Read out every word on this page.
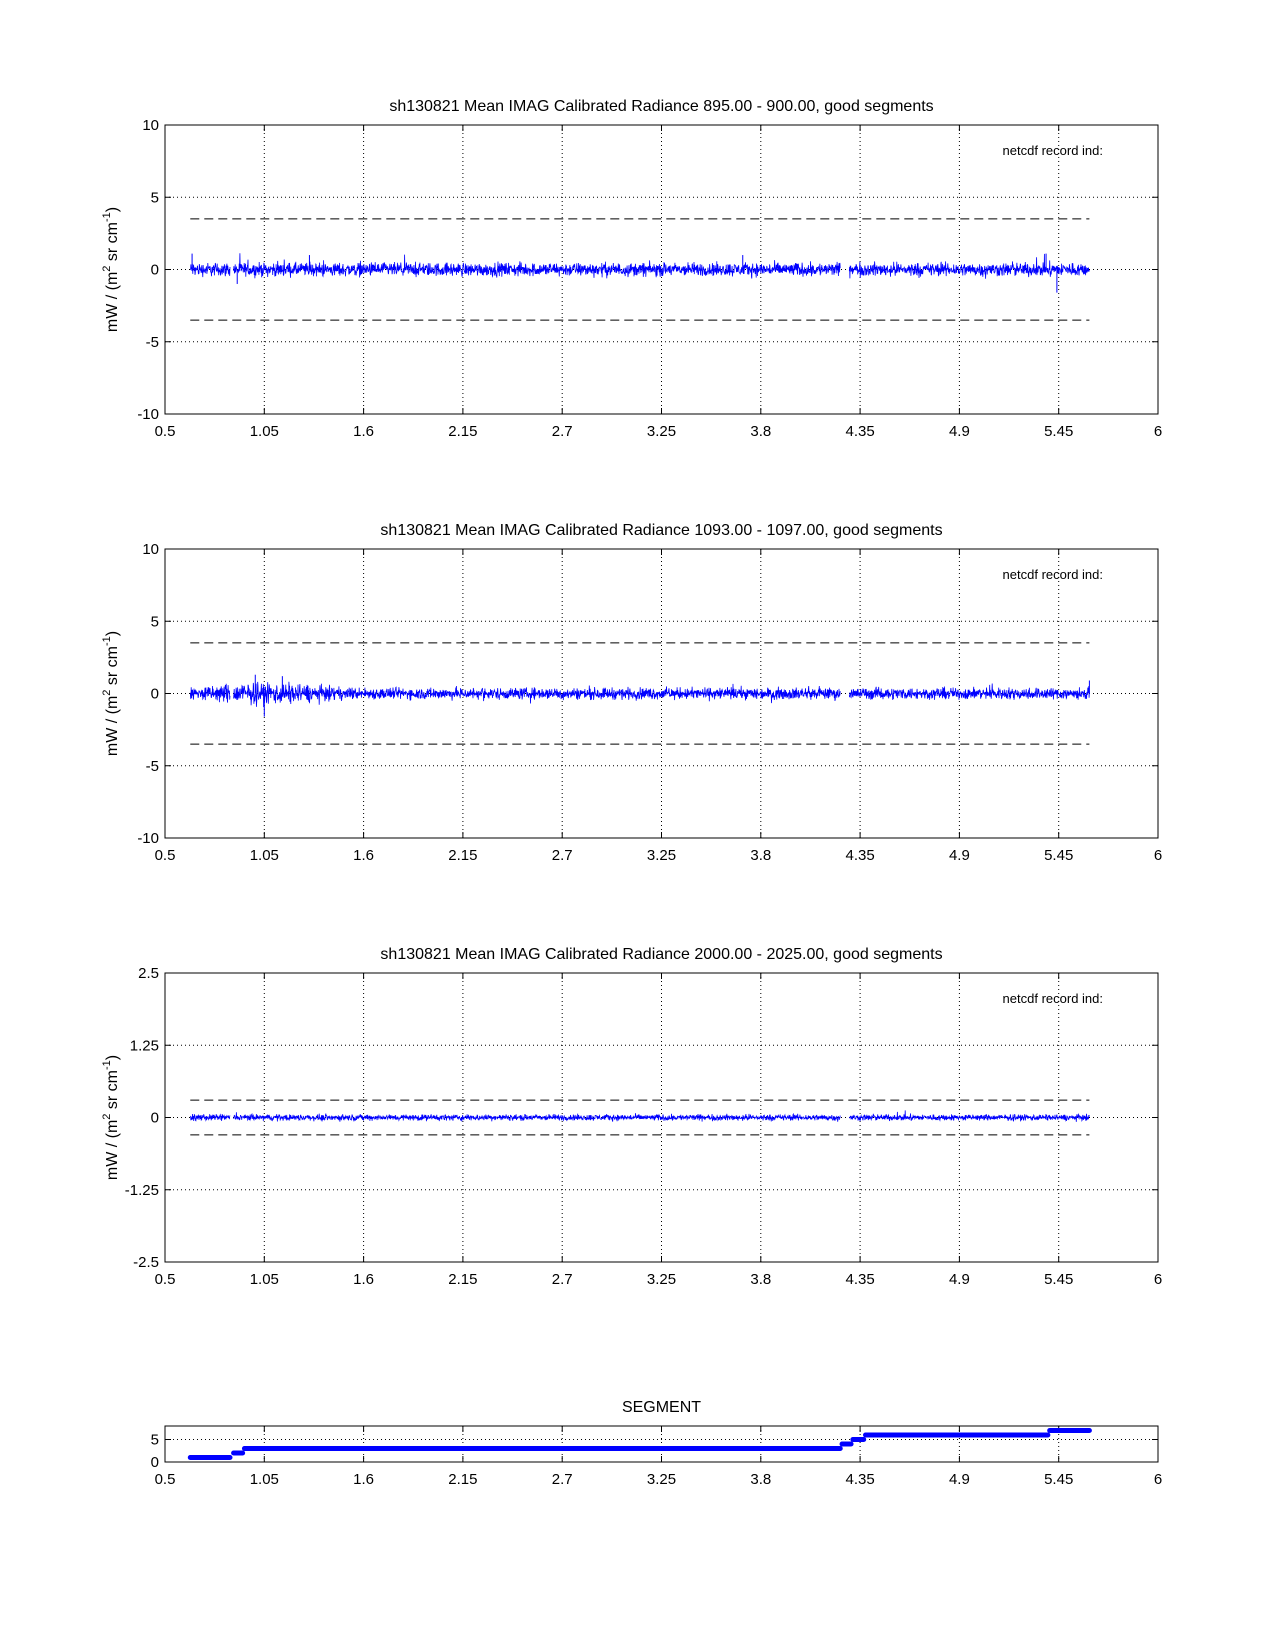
sh130821 Mean IMAG Calibrated Radiance 895.00 - 900.00, good segments
0.5	1.05	1.6	2.15	2.7	3.25	3.8	4.35	4.9	5.45	6
10
5
0
-5
-10
netcdf record ind:
mW / ($m^2$ sr $cm^{-1}$)
sh130821 Mean IMAG Calibrated Radiance 1093.00 - 1097.00, good segments
0.5	1.05	1.6	2.15	2.7	3.25	3.8	4.35	4.9	5.45	6
10
5
0
-5
-10
netcdf record ind:
mW / ($m^2$ sr $cm^{-1}$)
sh130821 Mean IMAG Calibrated Radiance 2000.00 - 2025.00, good segments
0.5	1.05	1.6	2.15	2.7	3.25	3.8	4.35	4.9	5.45	6
2.5
1.25
0
-1.25
-2.5
netcdf record ind:
mW / ($m^2$ sr $cm^{-1}$)
SEGMENT
0.5	1.05	1.6	2.15	2.7	3.25	3.8	4.35	4.9	5.45	6
5
0
